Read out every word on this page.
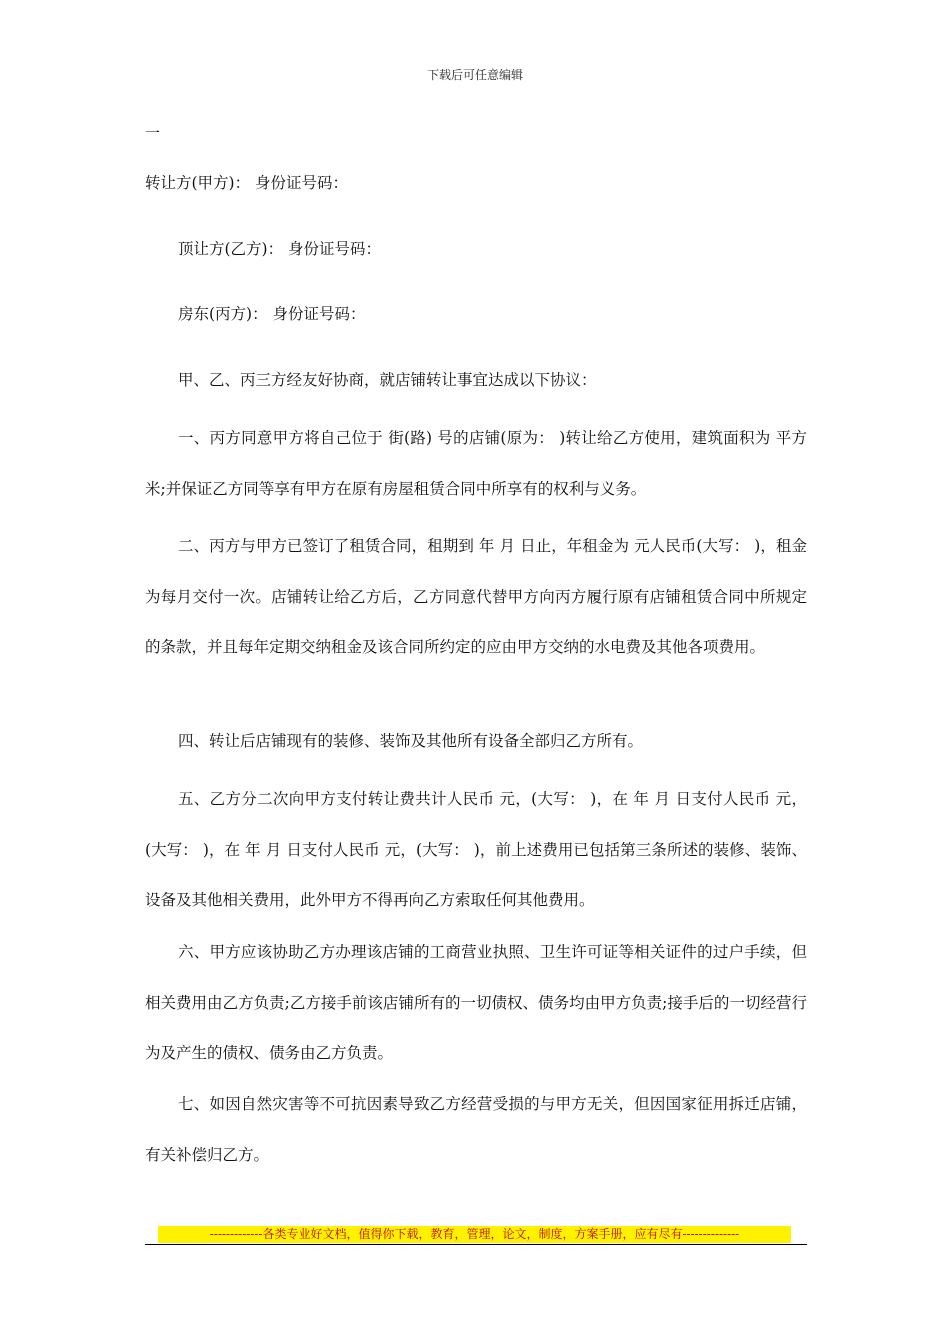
下载后可任意编辑
一
转让方(甲方)： 身份证号码：
顶让方(乙方)： 身份证号码：
房东(丙方)： 身份证号码：
甲、乙、丙三方经友好协商，就店铺转让事宜达成以下协议：
一、丙方同意甲方将自己位于 街(路) 号的店铺(原为： )转让给乙方使用，建筑面积为 平方米;并保证乙方同等享有甲方在原有房屋租赁合同中所享有的权利与义务。
二、丙方与甲方已签订了租赁合同，租期到 年 月 日止，年租金为 元人民币(大写： )，租金为每月交付一次。店铺转让给乙方后，乙方同意代替甲方向丙方履行原有店铺租赁合同中所规定的条款，并且每年定期交纳租金及该合同所约定的应由甲方交纳的水电费及其他各项费用。
四、转让后店铺现有的装修、装饰及其他所有设备全部归乙方所有。
五、乙方分二次向甲方支付转让费共计人民币 元，(大写： )，在 年 月 日支付人民币 元，(大写： )，在 年 月 日支付人民币 元，(大写： )，前上述费用已包括第三条所述的装修、装饰、设备及其他相关费用，此外甲方不得再向乙方索取任何其他费用。
六、甲方应该协助乙方办理该店铺的工商营业执照、卫生许可证等相关证件的过户手续，但相关费用由乙方负责;乙方接手前该店铺所有的一切债权、债务均由甲方负责;接手后的一切经营行为及产生的债权、债务由乙方负责。
七、如因自然灾害等不可抗因素导致乙方经营受损的与甲方无关，但因国家征用拆迁店铺，有关补偿归乙方。
-------------各类专业好文档，值得你下载，教育，管理，论文，制度，方案手册，应有尽有--------------
